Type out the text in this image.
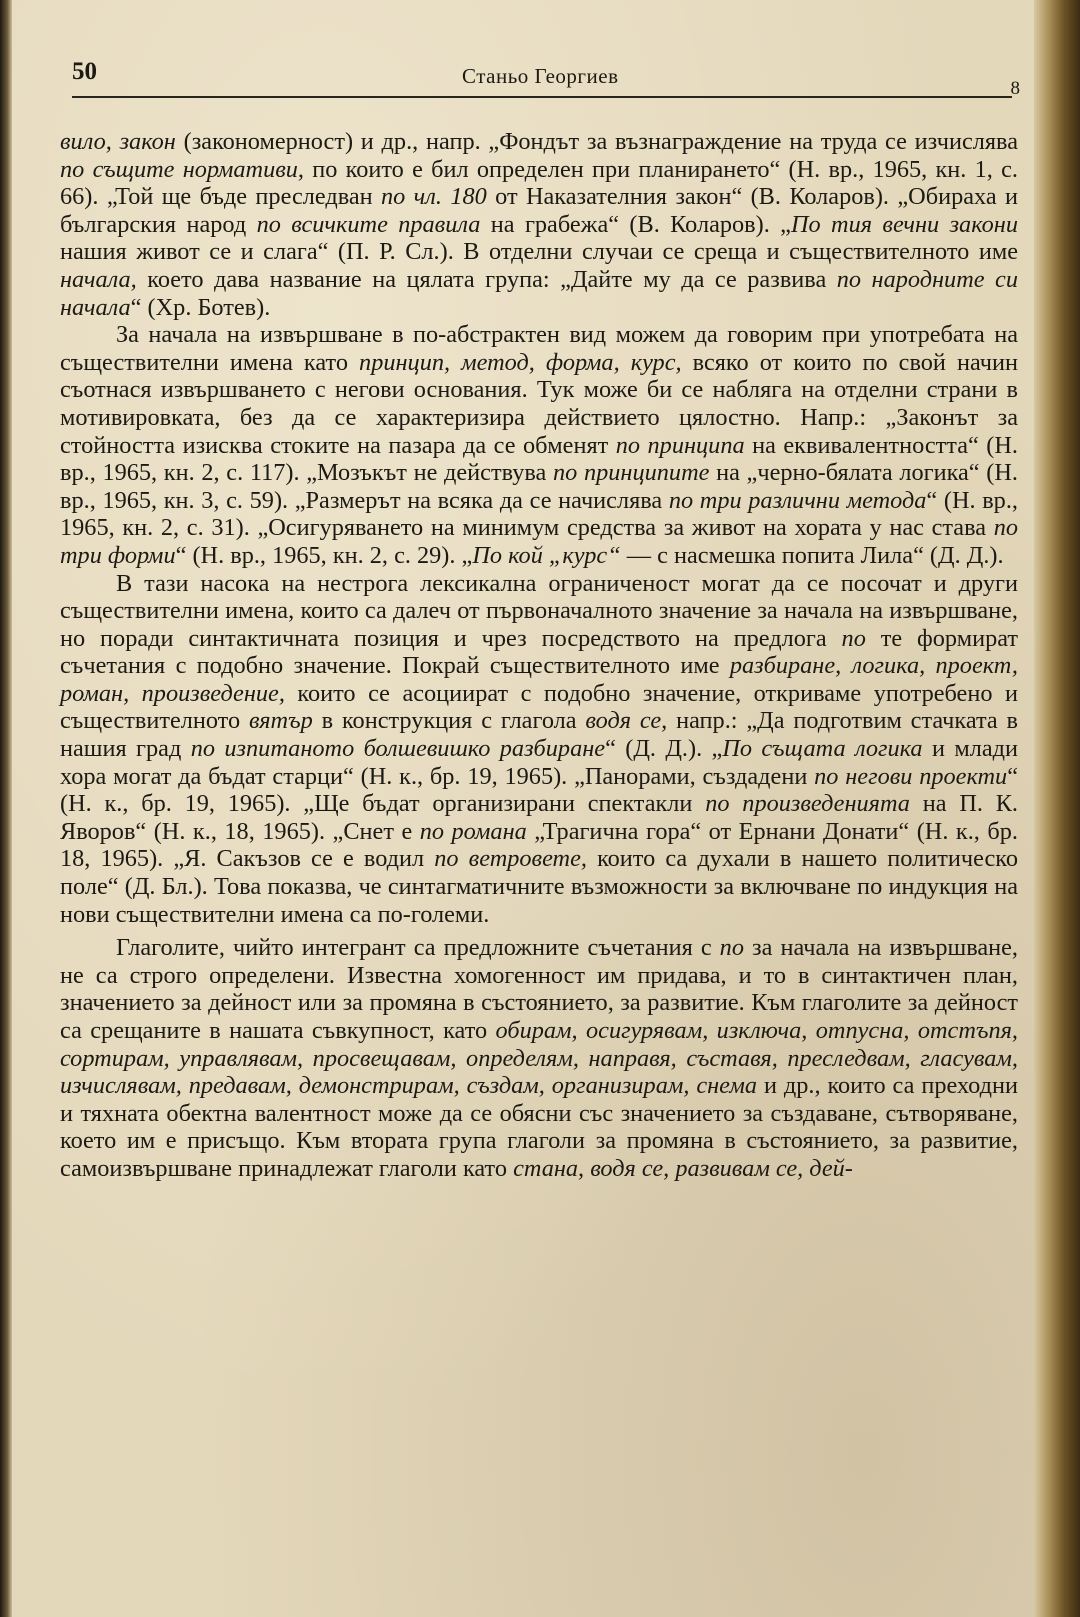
50	Станьо Георгиев
8

вило, закон (закономерност) и др., напр. „Фондът за възнаграждение на труда се изчислява по същите нормативи, по които е бил определен при планирането“ (Н. вр., 1965, кн. 1, с. 66). „Той ще бъде преследван по чл. 180 от Наказателния закон“ (В. Коларов). „Обираха и българския народ по всичките правила на грабежа“ (В. Коларов). „По тия вечни закони нашия живот се и слага“ (П. Р. Сл.). В отделни случаи се среща и съществителното име начала, което дава название на цялата група: „Дайте му да се развива по народните си начала“ (Хр. Ботев).

За начала на извършване в по-абстрактен вид можем да говорим при употребата на съществителни имена като принцип, метод, форма, курс, всяко от които по свой начин съотнася извършването с негови основания. Тук може би се набляга на отделни страни в мотивировката, без да се характеризира действието цялостно. Напр.: „Законът за стойността изисква стоките на пазара да се обменят по принципа на еквивалентността“ (Н. вр., 1965, кн. 2, с. 117). „Мозъкът не действува по принципите на „черно-бялата логика“ (Н. вр., 1965, кн. 3, с. 59). „Размерът на всяка да се начислява по три различни метода“ (Н. вр., 1965, кн. 2, с. 31). „Осигуряването на минимум средства за живот на хората у нас става по три форми“ (Н. вр., 1965, кн. 2, с. 29). „По кой „курс“ — с насмешка попита Лила“ (Д. Д.).

В тази насока на нестрога лексикална ограниченост могат да се посочат и други съществителни имена, които са далеч от първоначалното значение за начала на извършване, но поради синтактичната позиция и чрез посредството на предлога по те формират съчетания с подобно значение. Покрай съществителното име разбиране, логика, проект, роман, произведение, които се асоциират с подобно значение, откриваме употребено и съществителното вятър в конструкция с глагола водя се, напр.: „Да подготвим стачката в нашия град по изпитаното болшевишко разбиране“ (Д. Д.). „По същата логика и млади хора могат да бъдат старци“ (Н. к., бр. 19, 1965). „Панорами, създадени по негови проекти“ (Н. к., бр. 19, 1965). „Ще бъдат организирани спектакли по произведенията на П. К. Яворов“ (Н. к., 18, 1965). „Снет е по романа „Трагична гора“ от Ернани Донати“ (Н. к., бр. 18, 1965). „Я. Сакъзов се е водил по ветровете, които са духали в нашето политическо поле“ (Д. Бл.). Това показва, че синтагматичните възможности за включване по индукция на нови съществителни имена са по-големи.

Глаголите, чийто интегрант са предложните съчетания с по за начала на извършване, не са строго определени. Известна хомогенност им придава, и то в синтактичен план, значението за дейност или за промяна в състоянието, за развитие. Към глаголите за дейност са срещаните в нашата съвкупност, като обирам, осигурявам, изключа, отпусна, отстъпя, сортирам, управлявам, просвещавам, определям, направя, съставя, преследвам, гласувам, изчислявам, предавам, демонстрирам, създам, организирам, снема и др., които са преходни и тяхната обектна валентност може да се обясни със значението за създаване, сътворяване, което им е присъщо. Към втората група глаголи за промяна в състоянието, за развитие, самоизвършване принадлежат глаголи като стана, водя се, развивам се, дей-
